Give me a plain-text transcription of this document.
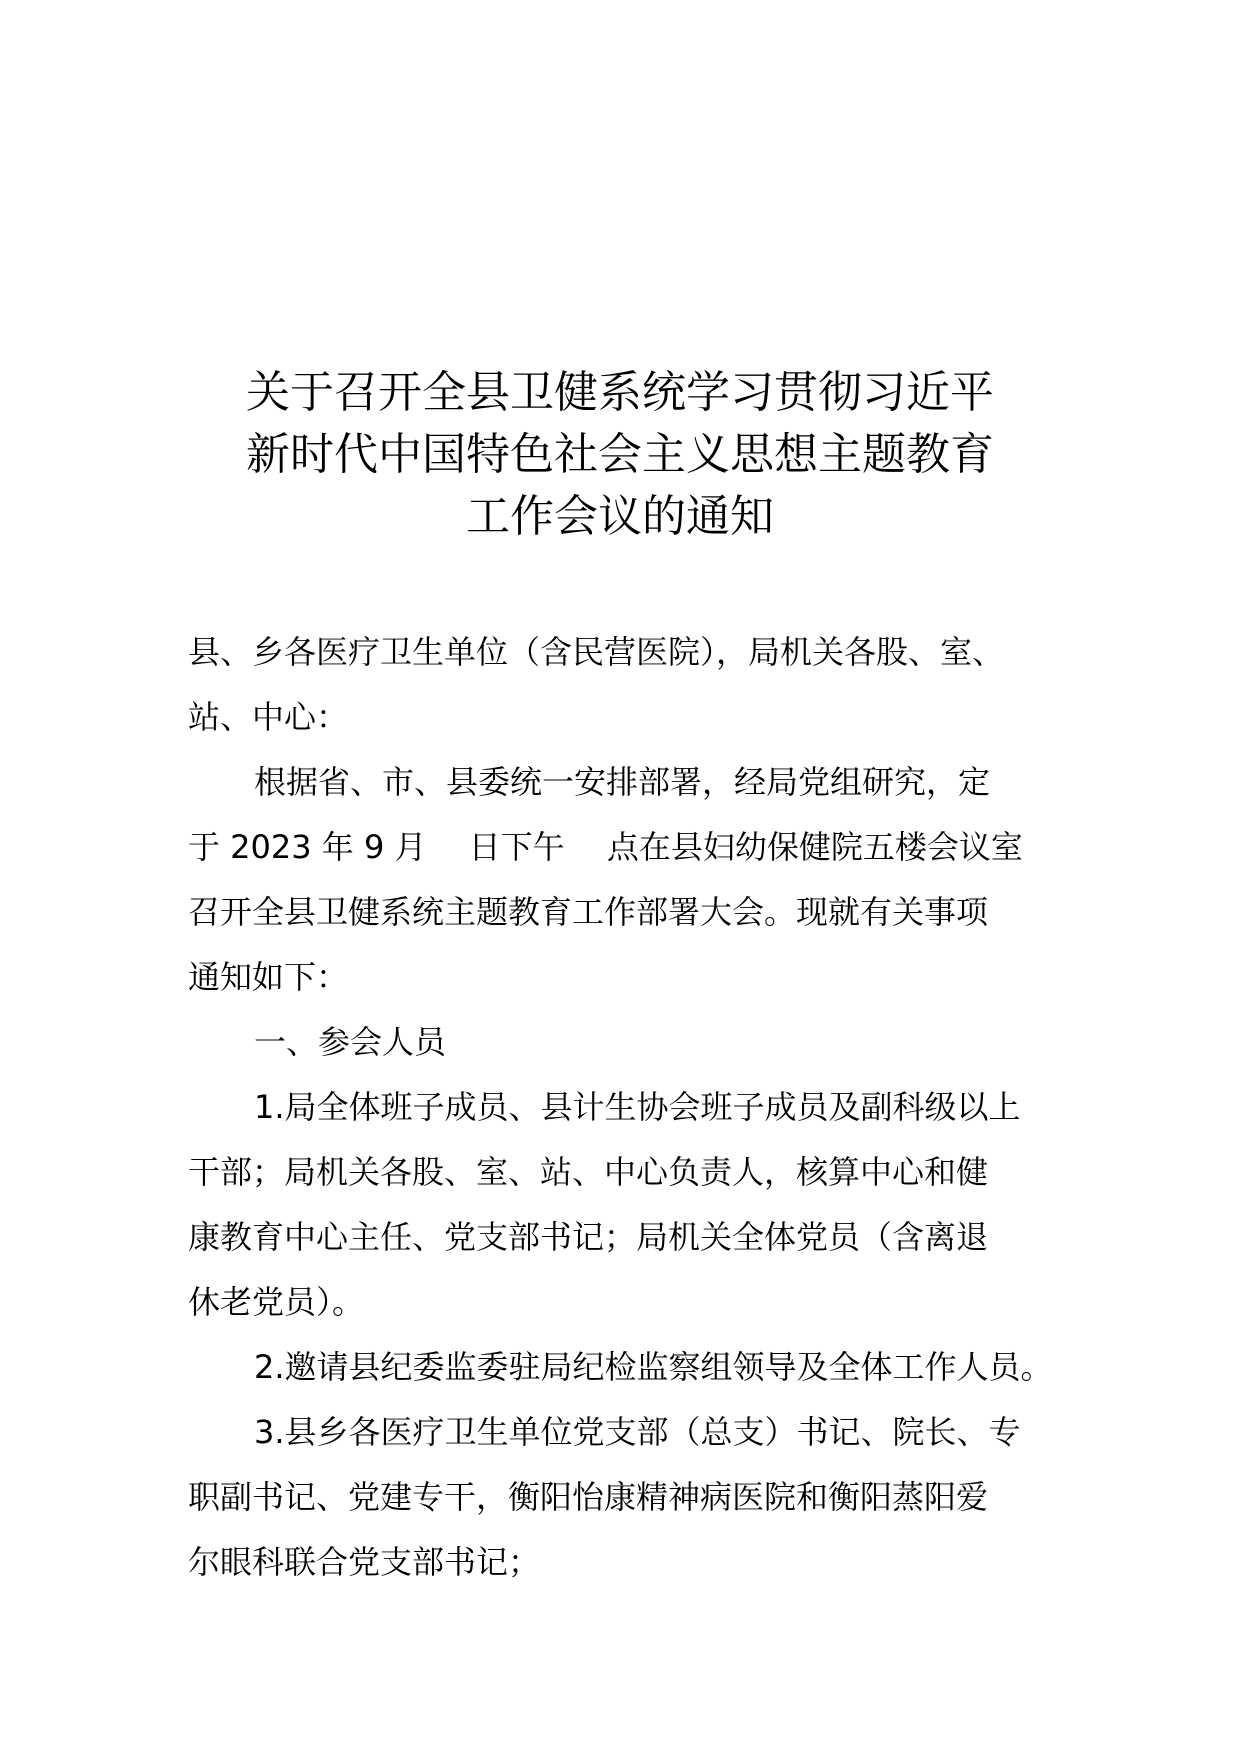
关于召开全县卫健系统学习贯彻习近平
新时代中国特色社会主义思想主题教育
工作会议的通知

县、乡各医疗卫生单位（含民营医院），局机关各股、室、

站、中心：

根据省、市、县委统一安排部署，经局党组研究，定

于 2023 年 9 月　 日下午　 点在县妇幼保健院五楼会议室

召开全县卫健系统主题教育工作部署大会。现就有关事项

通知如下：

一、参会人员

1.局全体班子成员、县计生协会班子成员及副科级以上

干部；局机关各股、室、站、中心负责人，核算中心和健

康教育中心主任、党支部书记；局机关全体党员（含离退

休老党员）。

2.邀请县纪委监委驻局纪检监察组领导及全体工作人员。

3.县乡各医疗卫生单位党支部（总支）书记、院长、专

职副书记、党建专干，衡阳怡康精神病医院和衡阳蒸阳爱

尔眼科联合党支部书记；
